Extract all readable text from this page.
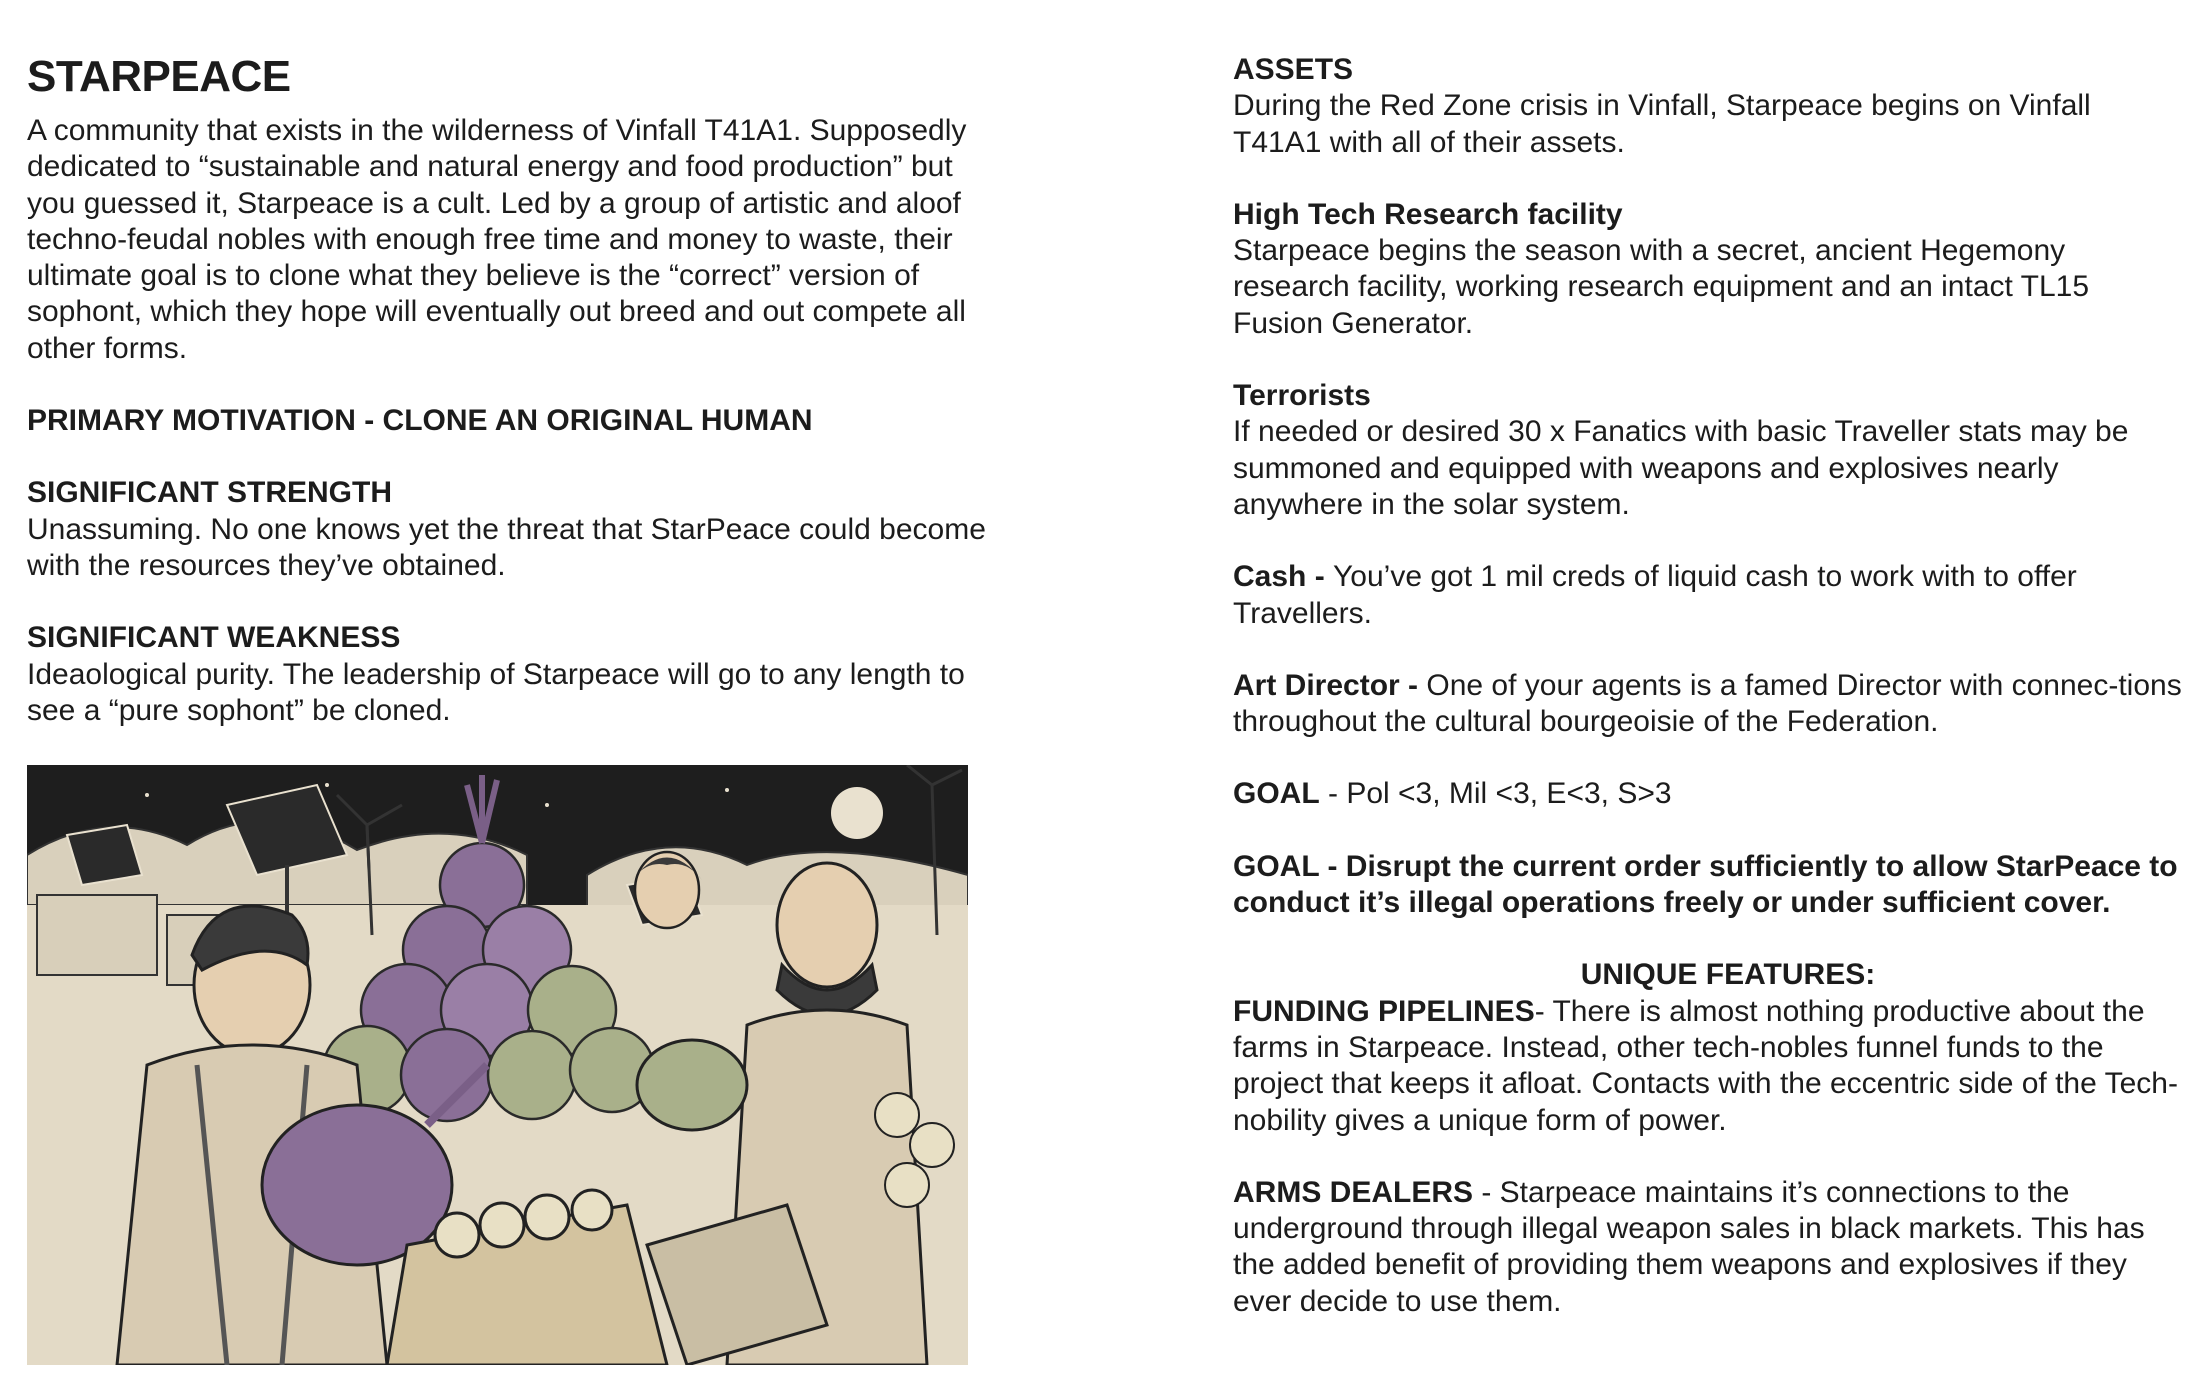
STARPEACE

A community that exists in the wilderness of Vinfall T41A1. Supposedly dedicated to “sustainable and natural energy and food production” but you guessed it, Starpeace is a cult. Led by a group of artistic and aloof techno-feudal nobles with enough free time and money to waste, their ultimate goal is to clone what they believe is the “correct” version of sophont, which they hope will eventually out breed and out compete all other forms.

PRIMARY MOTIVATION - CLONE AN ORIGINAL HUMAN

SIGNIFICANT STRENGTH
Unassuming. No one knows yet the threat that StarPeace could become with the resources they’ve obtained.

SIGNIFICANT WEAKNESS
Ideaological purity. The leadership of Starpeace will go to any length to see a “pure sophont” be cloned.

ASSETS
During the Red Zone crisis in Vinfall, Starpeace begins on Vinfall T41A1 with all of their assets.

High Tech Research facility
Starpeace begins the season with a secret, ancient Hegemony research facility, working research equipment and an intact TL15 Fusion Generator.

Terrorists
If needed or desired 30 x Fanatics with basic Traveller stats may be summoned and equipped with weapons and explosives nearly anywhere in the solar system.

Cash - You’ve got 1 mil creds of liquid cash to work with to offer Travellers.

Art Director - One of your agents is a famed Director with connec-tions throughout the cultural bourgeoisie of the Federation.

GOAL - Pol <3, Mil <3, E<3, S>3

GOAL - Disrupt the current order sufficiently to allow StarPeace to conduct it’s illegal operations freely or under sufficient cover.

UNIQUE FEATURES:
FUNDING PIPELINES- There is almost nothing productive about the farms in Starpeace. Instead, other tech-nobles funnel funds to the project that keeps it afloat. Contacts with the eccentric side of the Tech-nobility gives a unique form of power.

ARMS DEALERS - Starpeace maintains it’s connections to the underground through illegal weapon sales in black markets. This has the added benefit of providing them weapons and explosives if they ever decide to use them.
